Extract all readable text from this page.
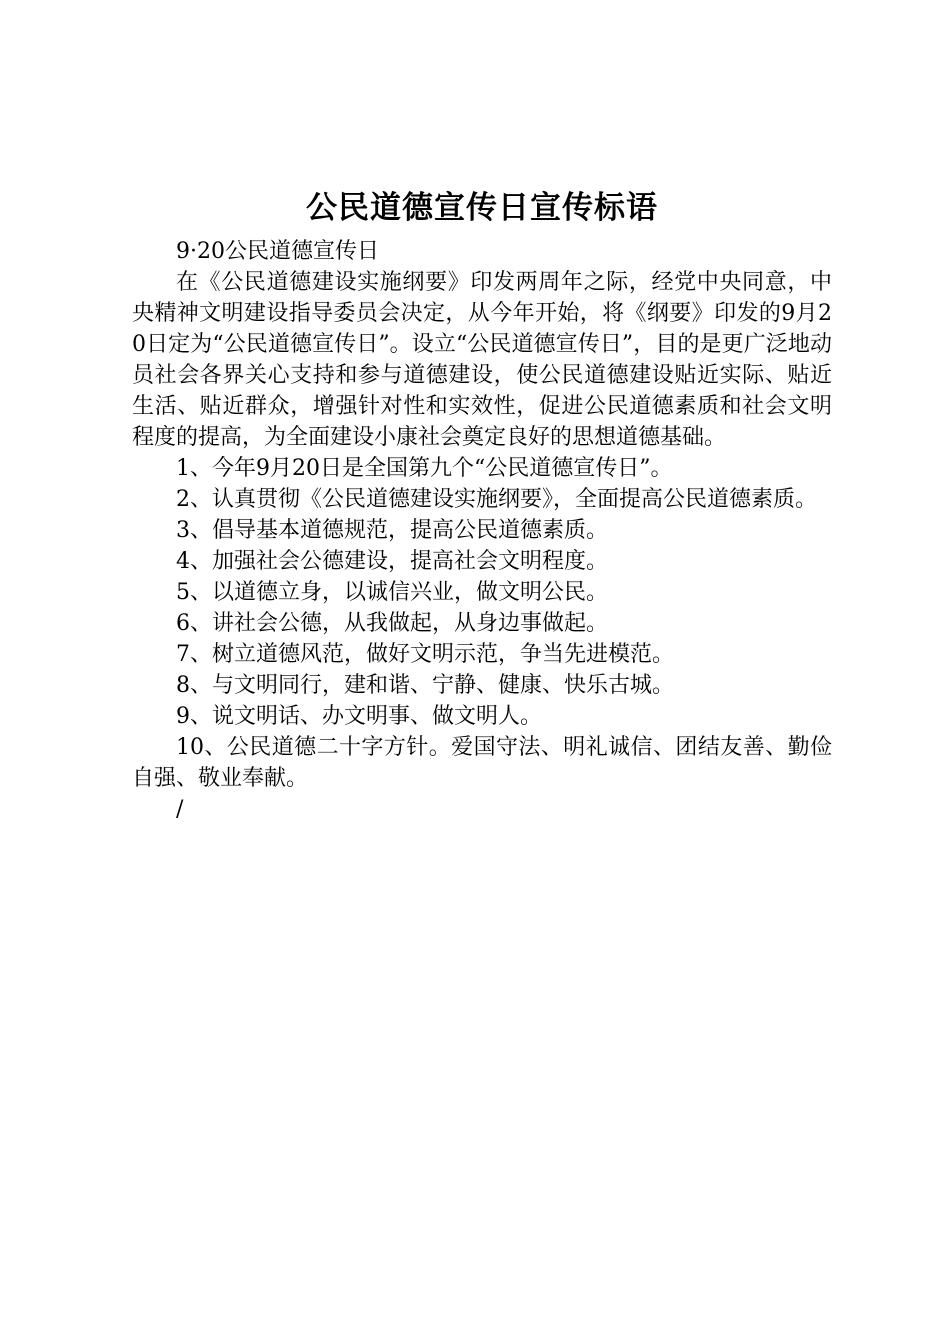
公民道德宣传日宣传标语

9·20公民道德宣传日

在《公民道德建设实施纲要》印发两周年之际，经党中央同意，中央精神文明建设指导委员会决定，从今年开始，将《纲要》印发的9月20日定为“公民道德宣传日”。设立“公民道德宣传日”，目的是更广泛地动员社会各界关心支持和参与道德建设，使公民道德建设贴近实际、贴近生活、贴近群众，增强针对性和实效性，促进公民道德素质和社会文明程度的提高，为全面建设小康社会奠定良好的思想道德基础。

1、今年9月20日是全国第九个“公民道德宣传日”。

2、认真贯彻《公民道德建设实施纲要》，全面提高公民道德素质。

3、倡导基本道德规范，提高公民道德素质。

4、加强社会公德建设，提高社会文明程度。

5、以道德立身，以诚信兴业，做文明公民。

6、讲社会公德，从我做起，从身边事做起。

7、树立道德风范，做好文明示范，争当先进模范。

8、与文明同行，建和谐、宁静、健康、快乐古城。

9、说文明话、办文明事、做文明人。

10、公民道德二十字方针。爱国守法、明礼诚信、团结友善、勤俭自强、敬业奉献。

/
